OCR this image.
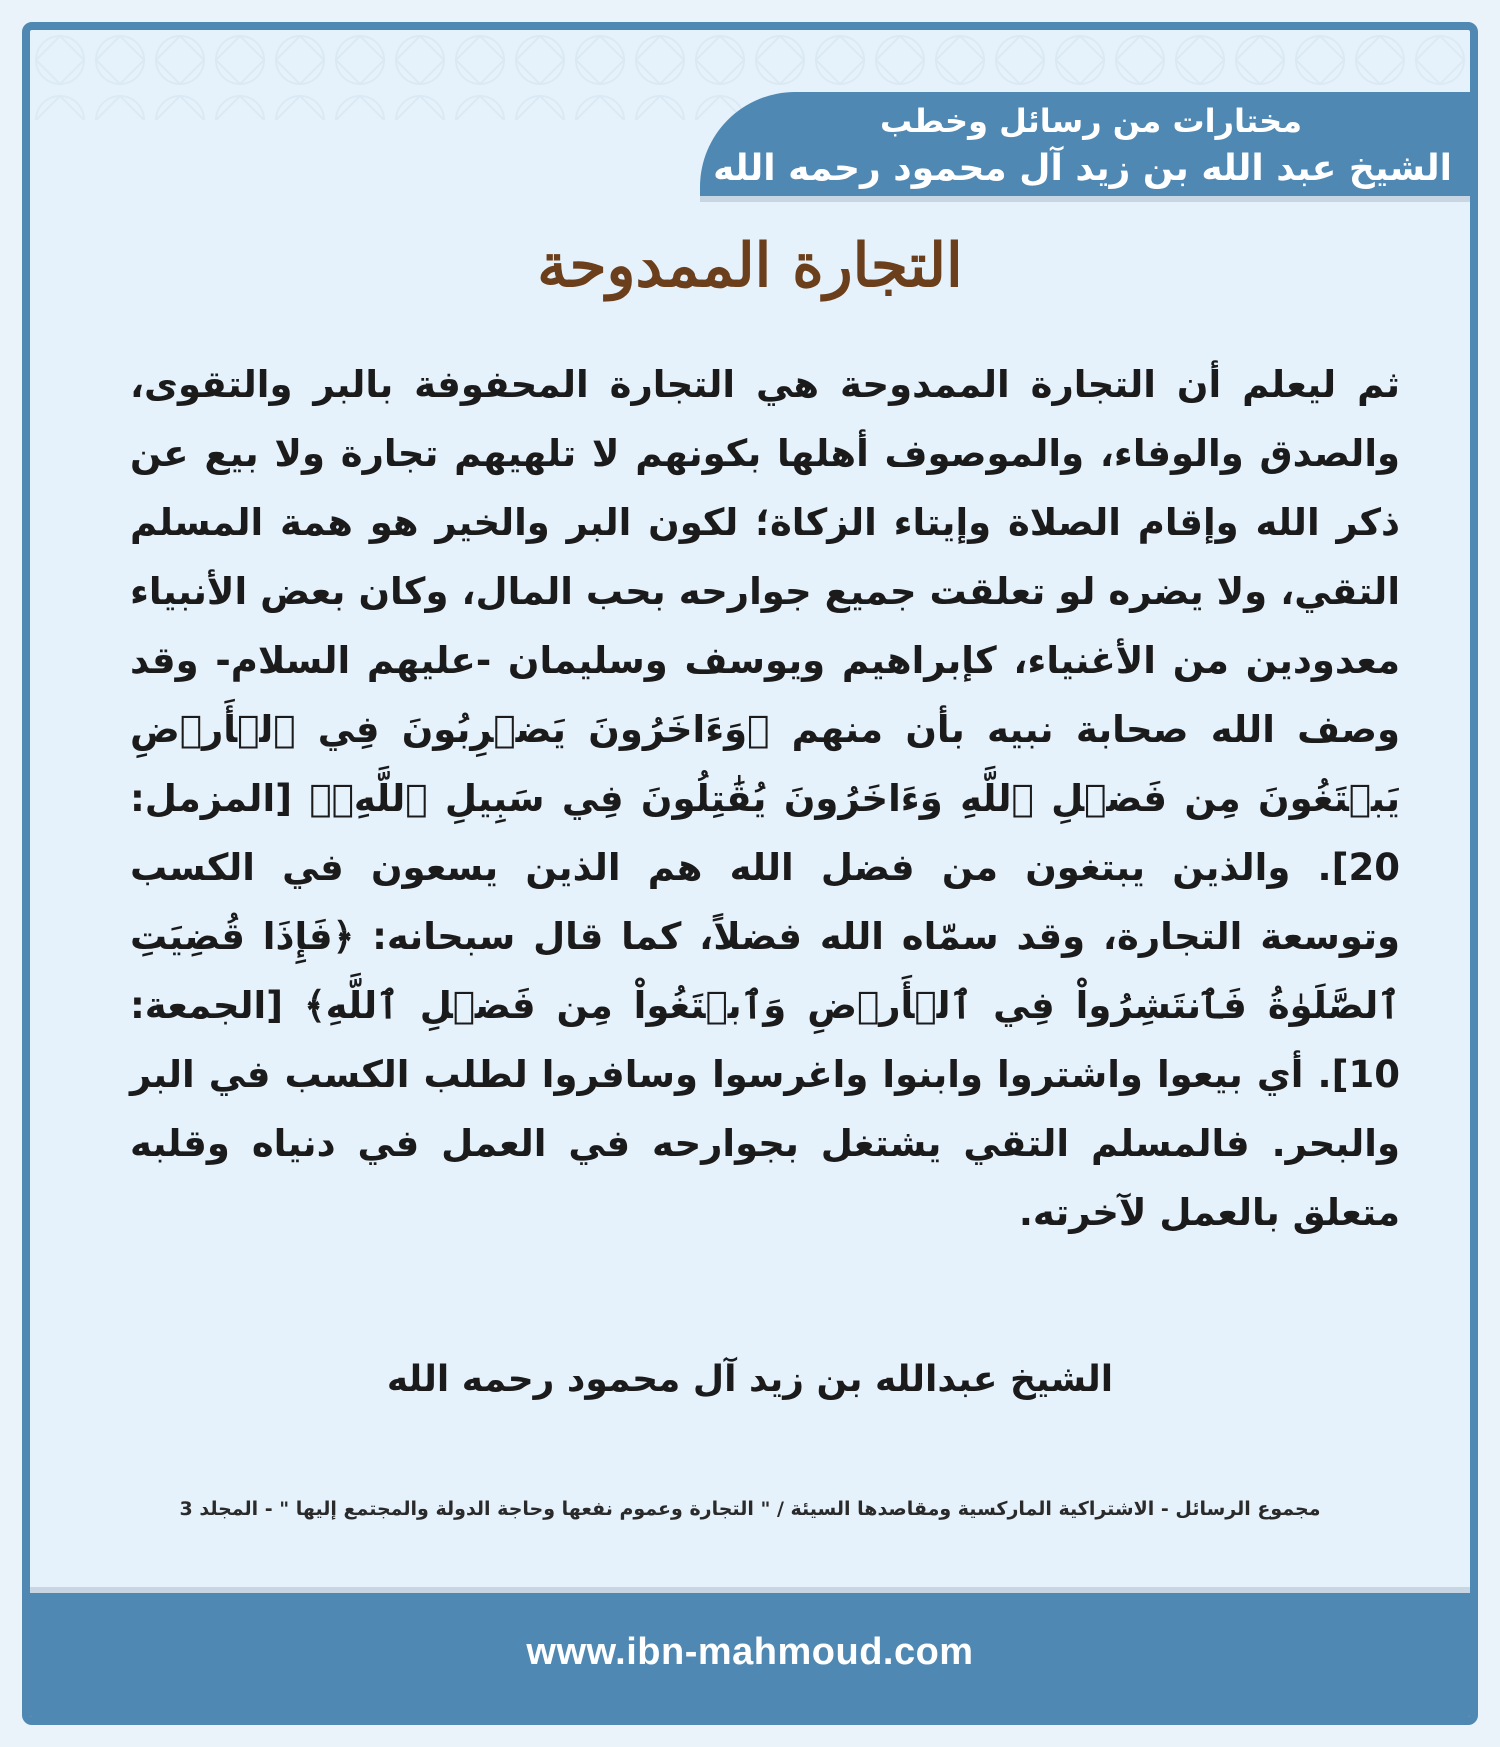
مختارات من رسائل وخطب
الشيخ عبد الله بن زيد آل محمود رحمه الله
التجارة الممدوحة
ثم ليعلم أن التجارة الممدوحة هي التجارة المحفوفة بالبر والتقوى، والصدق والوفاء، والموصوف أهلها بكونهم لا تلهيهم تجارة ولا بيع عن ذكر الله وإقام الصلاة وإيتاء الزكاة؛ لكون البر والخير هو همة المسلم التقي، ولا يضره لو تعلقت جميع جوارحه بحب المال، وكان بعض الأنبياء معدودين من الأغنياء، كإبراهيم ويوسف وسليمان -عليهم السلام- وقد وصف الله صحابة نبيه بأن منهم ﴿وَءَاخَرُونَ يَضۡرِبُونَ فِي ٱلۡأَرۡضِ يَبۡتَغُونَ مِن فَضۡلِ ٱللَّهِ وَءَاخَرُونَ يُقَٰتِلُونَ فِي سَبِيلِ ٱللَّهِۖ﴾ [المزمل: 20]. والذين يبتغون من فضل الله هم الذين يسعون في الكسب وتوسعة التجارة، وقد سمّاه الله فضلاً، كما قال سبحانه: ﴿فَإِذَا قُضِيَتِ ٱلصَّلَوٰةُ فَٱنتَشِرُواْ فِي ٱلۡأَرۡضِ وَٱبۡتَغُواْ مِن فَضۡلِ ٱللَّهِ﴾ [الجمعة: 10]. أي بيعوا واشتروا وابنوا واغرسوا وسافروا لطلب الكسب في البر والبحر. فالمسلم التقي يشتغل بجوارحه في العمل في دنياه وقلبه متعلق بالعمل لآخرته.
الشيخ عبدالله بن زيد آل محمود رحمه الله
مجموع الرسائل - الاشتراكية الماركسية ومقاصدها السيئة / " التجارة وعموم نفعها وحاجة الدولة والمجتمع إليها " - المجلد 3
www.ibn-mahmoud.com
